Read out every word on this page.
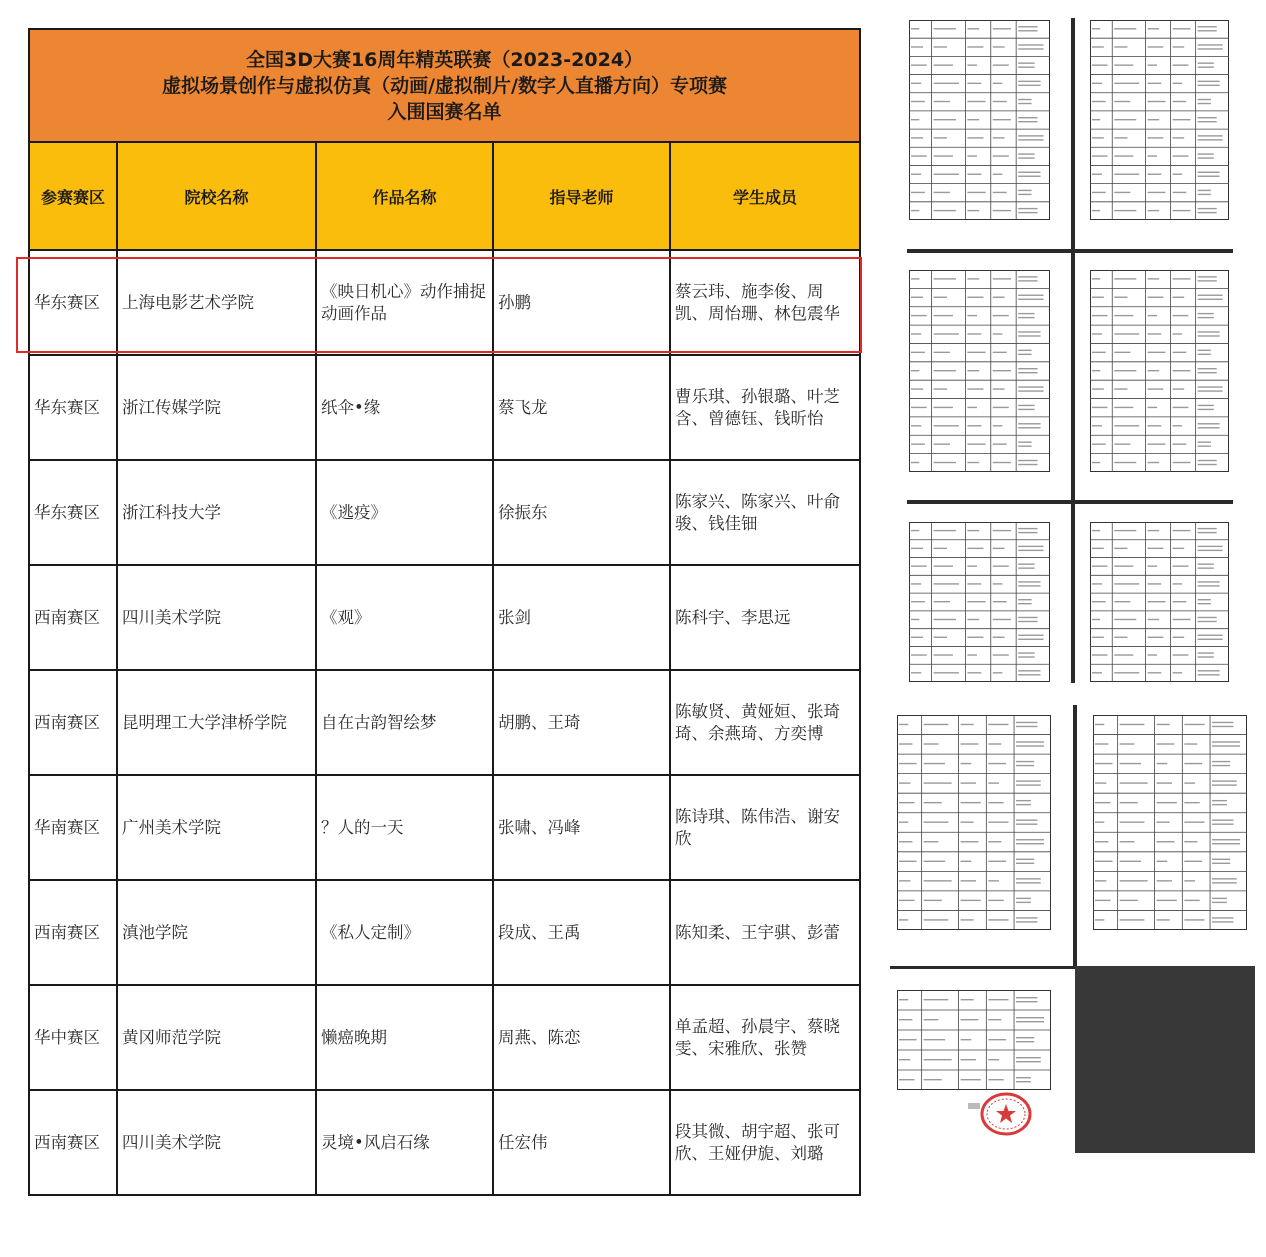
全国3D大赛16周年精英联赛（2023-2024）
虚拟场景创作与虚拟仿真（动画/虚拟制片/数字人直播方向）专项赛
入围国赛名单				

参赛赛区	院校名称	作品名称	指导老师	学生成员
华东赛区	上海电影艺术学院	《映日机心》动作捕捉动画作品	孙鹏	蔡云玮、施李俊、周凯、周怡珊、林包震华
华东赛区	浙江传媒学院	纸伞•缘	蔡飞龙	曹乐琪、孙银璐、叶芝含、曾德钰、钱昕怡
华东赛区	浙江科技大学	《逃疫》	徐振东	陈家兴、陈家兴、叶俞骏、钱佳钿
西南赛区	四川美术学院	《观》	张剑	陈科宇、李思远
西南赛区	昆明理工大学津桥学院	自在古韵智绘梦	胡鹏、王琦	陈敏贤、黄娅姮、张琦琦、余燕琦、方奕博
华南赛区	广州美术学院	？人的一天	张啸、冯峰	陈诗琪、陈伟浩、谢安欣
西南赛区	滇池学院	《私人定制》	段成、王禹	陈知柔、王宇骐、彭蕾
华中赛区	黄冈师范学院	懒癌晚期	周燕、陈恋	单孟超、孙晨宇、蔡晓雯、宋雅欣、张赞
西南赛区	四川美术学院	灵境•风启石缘	任宏伟	段其微、胡宇超、张可欣、王娅伊旎、刘璐
